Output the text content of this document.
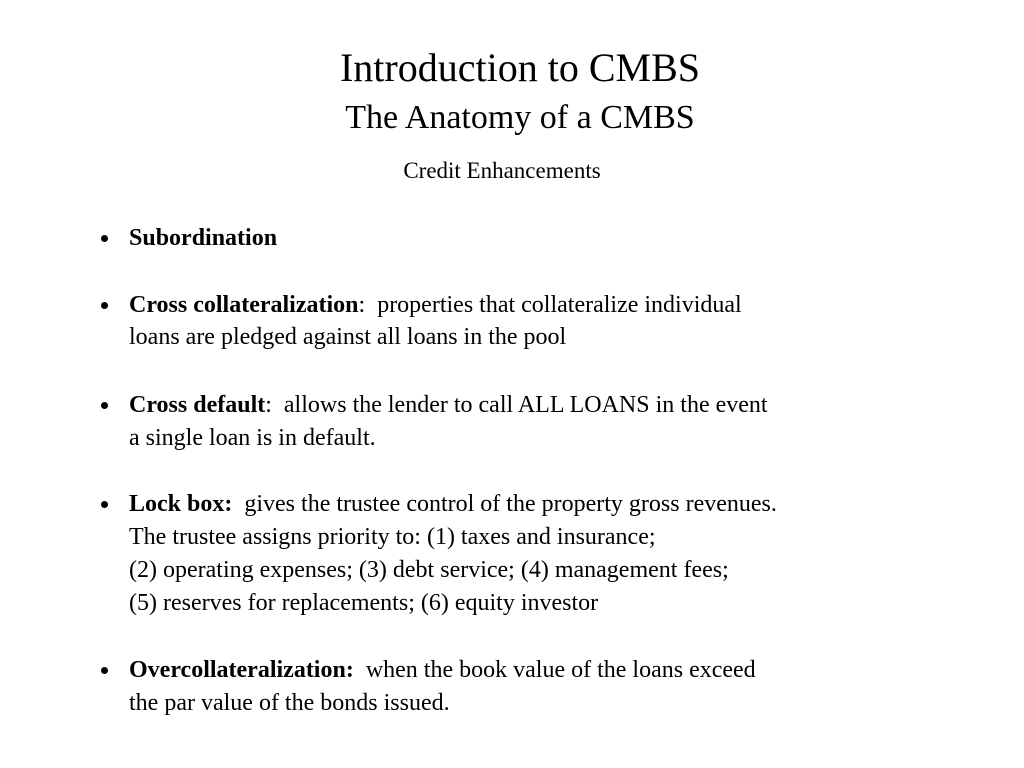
Introduction to CMBS
The Anatomy of a CMBS
Credit Enhancements
Subordination
Cross collateralization:  properties that collateralize individual
loans are pledged against all loans in the pool
Cross default:  allows the lender to call ALL LOANS in the event
a single loan is in default.
Lock box:  gives the trustee control of the property gross revenues.
The trustee assigns priority to: (1) taxes and insurance;
(2) operating expenses; (3) debt service; (4) management fees;
(5) reserves for replacements; (6) equity investor
Overcollateralization:  when the book value of the loans exceed
the par value of the bonds issued.
